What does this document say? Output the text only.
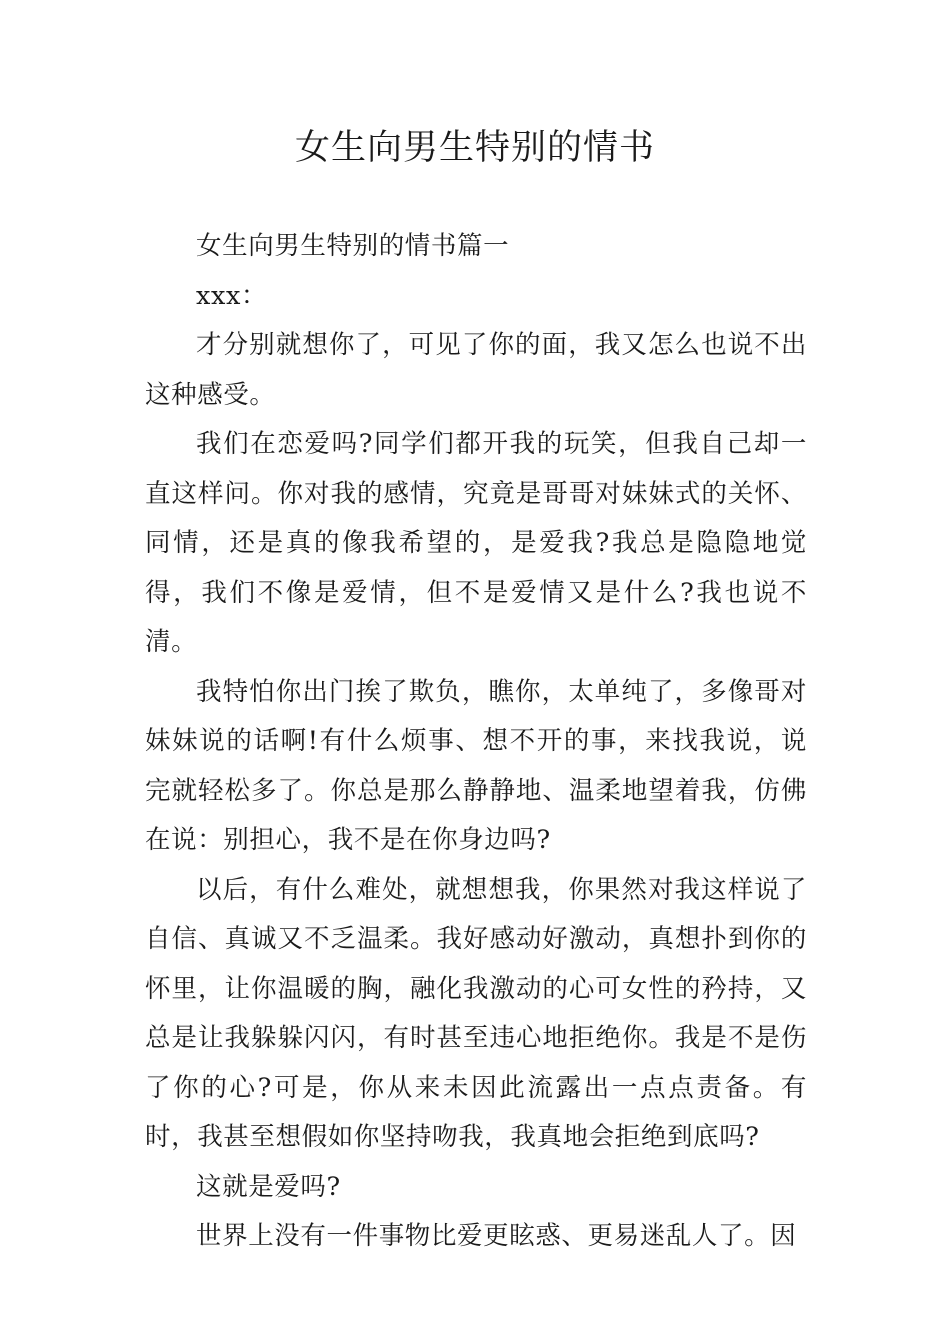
女生向男生特别的情书

女生向男生特别的情书篇一

xxx：

才分别就想你了，可见了你的面，我又怎么也说不出这种感受。

我们在恋爱吗?同学们都开我的玩笑，但我自己却一直这样问。你对我的感情，究竟是哥哥对妹妹式的关怀、同情，还是真的像我希望的，是爱我?我总是隐隐地觉得，我们不像是爱情，但不是爱情又是什么?我也说不清。

我特怕你出门挨了欺负，瞧你，太单纯了，多像哥对妹妹说的话啊!有什么烦事、想不开的事，来找我说，说完就轻松多了。你总是那么静静地、温柔地望着我，仿佛在说：别担心，我不是在你身边吗?

以后，有什么难处，就想想我，你果然对我这样说了自信、真诚又不乏温柔。我好感动好激动，真想扑到你的怀里，让你温暖的胸，融化我激动的心可女性的矜持，又总是让我躲躲闪闪，有时甚至违心地拒绝你。我是不是伤了你的心?可是，你从来未因此流露出一点点责备。有时，我甚至想假如你坚持吻我，我真地会拒绝到底吗?

这就是爱吗?

世界上没有一件事物比爱更眩惑、更易迷乱人了。因
